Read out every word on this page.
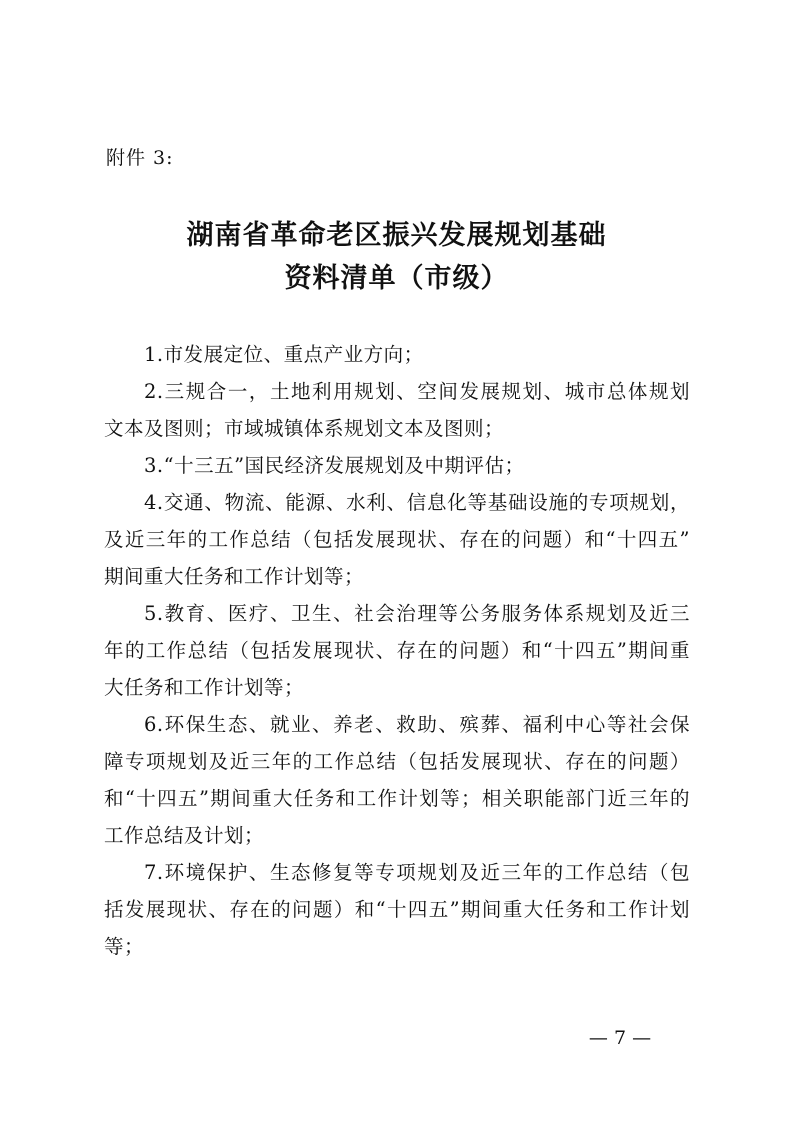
附件 3:
湖南省革命老区振兴发展规划基础
资料清单（市级）
1.市发展定位、重点产业方向；
2.三规合一，土地利用规划、空间发展规划、城市总体规划
文本及图则；市域城镇体系规划文本及图则；
3.“十三五”国民经济发展规划及中期评估；
4.交通、物流、能源、水利、信息化等基础设施的专项规划，
及近三年的工作总结（包括发展现状、存在的问题）和“十四五”
期间重大任务和工作计划等；
5.教育、医疗、卫生、社会治理等公务服务体系规划及近三
年的工作总结（包括发展现状、存在的问题）和“十四五”期间重
大任务和工作计划等；
6.环保生态、就业、养老、救助、殡葬、福利中心等社会保
障专项规划及近三年的工作总结（包括发展现状、存在的问题）
和“十四五”期间重大任务和工作计划等；相关职能部门近三年的
工作总结及计划；
7.环境保护、生态修复等专项规划及近三年的工作总结（包
括发展现状、存在的问题）和“十四五”期间重大任务和工作计划
等；
— 7 —
